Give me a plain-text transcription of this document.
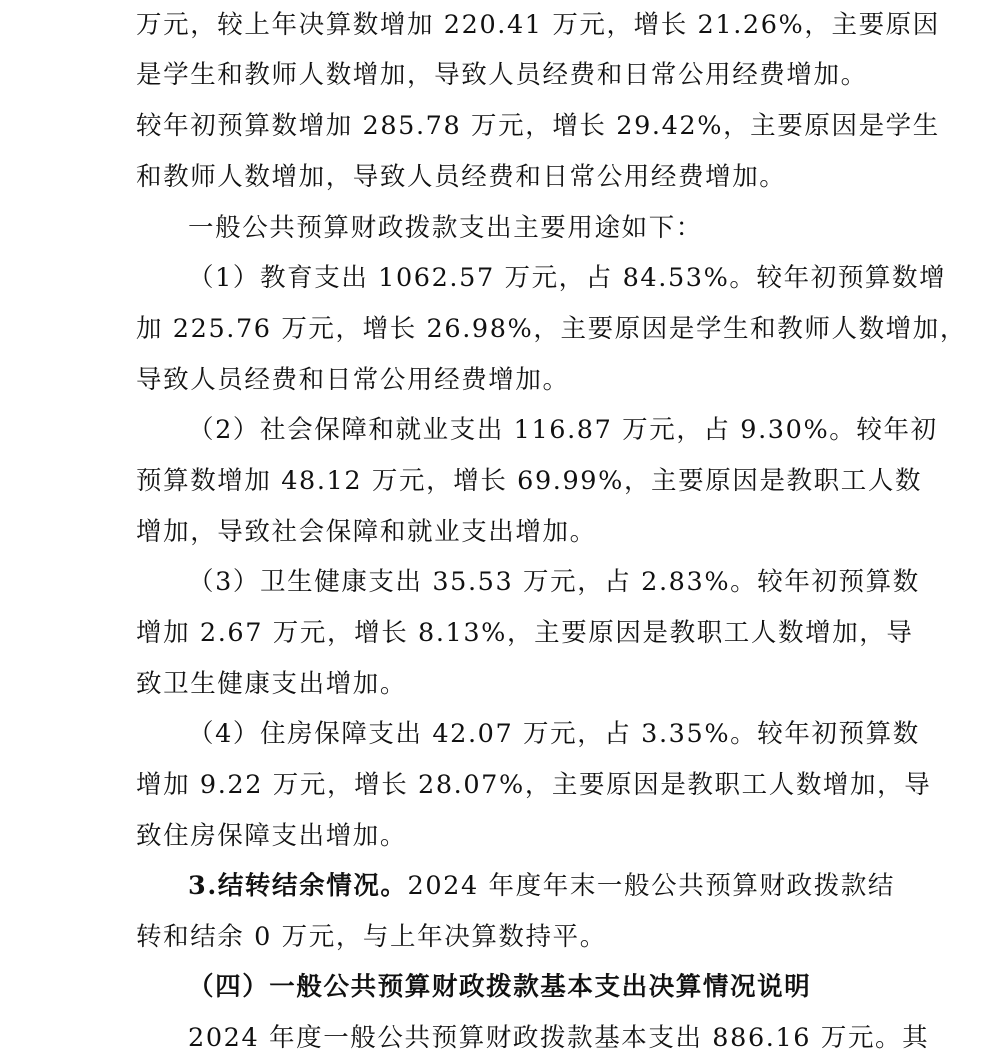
万元，较上年决算数增加 220.41 万元，增长 21.26%，主要原因
是学生和教师人数增加，导致人员经费和日常公用经费增加。
较年初预算数增加 285.78 万元，增长 29.42%，主要原因是学生
和教师人数增加，导致人员经费和日常公用经费增加。
一般公共预算财政拨款支出主要用途如下：
（1）教育支出 1062.57 万元，占 84.53%。较年初预算数增
加 225.76 万元，增长 26.98%，主要原因是学生和教师人数增加，
导致人员经费和日常公用经费增加。
（2）社会保障和就业支出 116.87 万元，占 9.30%。较年初
预算数增加 48.12 万元，增长 69.99%，主要原因是教职工人数
增加，导致社会保障和就业支出增加。
（3）卫生健康支出 35.53 万元，占 2.83%。较年初预算数
增加 2.67 万元，增长 8.13%，主要原因是教职工人数增加，导
致卫生健康支出增加。
（4）住房保障支出 42.07 万元，占 3.35%。较年初预算数
增加 9.22 万元，增长 28.07%，主要原因是教职工人数增加，导
致住房保障支出增加。
3.结转结余情况。2024 年度年末一般公共预算财政拨款结
转和结余 0 万元，与上年决算数持平。
（四）一般公共预算财政拨款基本支出决算情况说明
2024 年度一般公共预算财政拨款基本支出 886.16 万元。其
